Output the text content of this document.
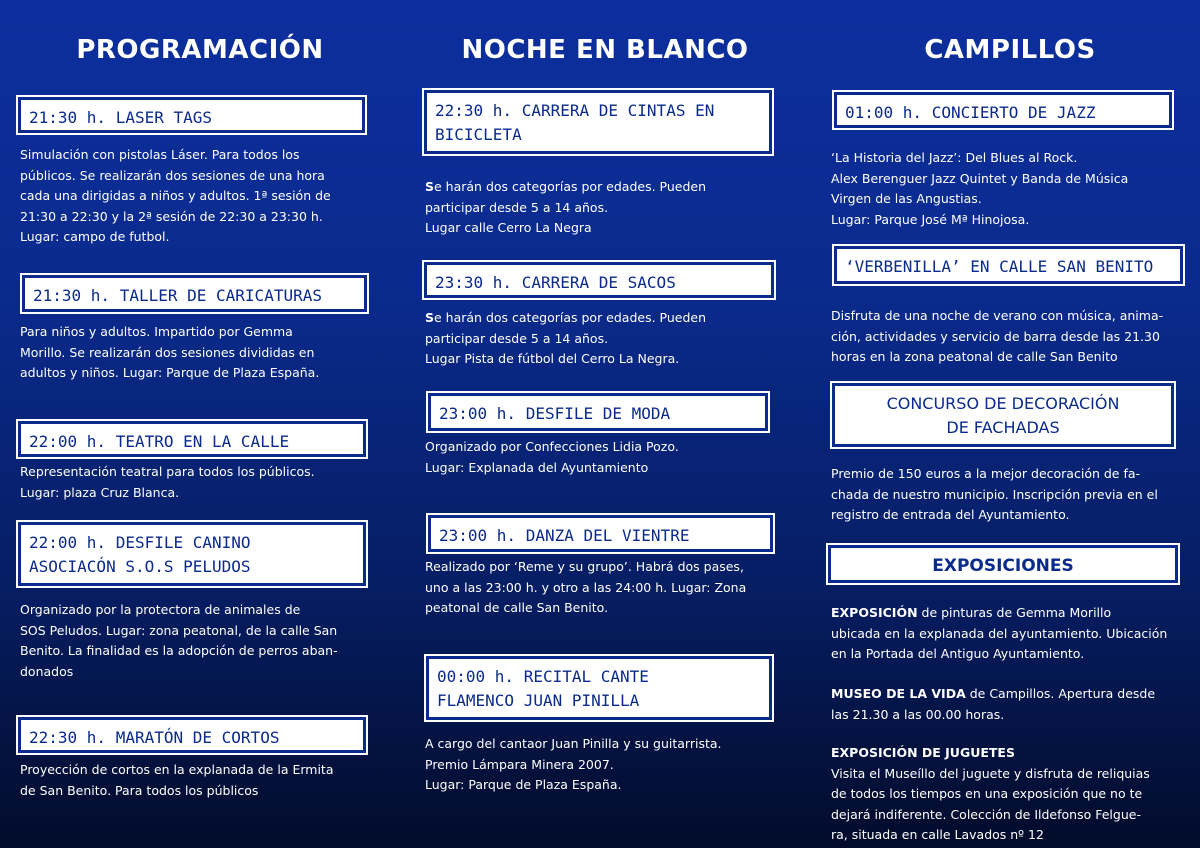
PROGRAMACIÓN	NOCHE EN BLANCO	CAMPILLOS
21:30 h. LASER TAGS
Simulación con pistolas Láser. Para todos los
públicos. Se realizarán dos sesiones de una hora
cada una dirigidas a niños y adultos. 1ª sesión de
21:30 a 22:30 y la 2ª sesión de 22:30 a 23:30 h.
Lugar: campo de futbol.
21:30 h. TALLER DE CARICATURAS
Para niños y adultos. Impartido por Gemma
Morillo. Se realizarán dos sesiones divididas en
adultos y niños. Lugar: Parque de Plaza España.
22:00 h. TEATRO EN LA CALLE
Representación teatral para todos los públicos.
Lugar: plaza Cruz Blanca.
22:00 h. DESFILE CANINO
ASOCIACÓN S.O.S PELUDOS
Organizado por la protectora de animales de
SOS Peludos. Lugar: zona peatonal, de la calle San
Benito. La finalidad es la adopción de perros aban-
donados
22:30 h. MARATÓN DE CORTOS
Proyección de cortos en la explanada de la Ermita
de San Benito. Para todos los públicos
22:30 h. CARRERA DE CINTAS EN
BICICLETA
Se harán dos categorías por edades. Pueden
participar desde 5 a 14 años.
Lugar calle Cerro La Negra
23:30 h. CARRERA DE SACOS
Se harán dos categorías por edades. Pueden
participar desde 5 a 14 años.
Lugar Pista de fútbol del Cerro La Negra.
23:00 h. DESFILE DE MODA
Organizado por Confecciones Lidia Pozo.
Lugar: Explanada del Ayuntamiento
23:00 h. DANZA DEL VIENTRE
Realizado por ‘Reme y su grupo’. Habrá dos pases,
uno a las 23:00 h. y otro a las 24:00 h. Lugar: Zona
peatonal de calle San Benito.
00:00 h. RECITAL CANTE
FLAMENCO JUAN PINILLA
A cargo del cantaor Juan Pinilla y su guitarrista.
Premio Lámpara Minera 2007.
Lugar: Parque de Plaza España.
01:00 h. CONCIERTO DE JAZZ
‘La Historia del Jazz’: Del Blues al Rock.
Alex Berenguer Jazz Quintet y Banda de Música
Virgen de las Angustias.
Lugar: Parque José Mª Hinojosa.
‘VERBENILLA’ EN CALLE SAN BENITO
Disfruta de una noche de verano con música, anima-
ción, actividades y servicio de barra desde las 21.30
horas en la zona peatonal de calle San Benito
CONCURSO DE DECORACIÓN
DE FACHADAS
Premio de 150 euros a la mejor decoración de fa-
chada de nuestro municipio. Inscripción previa en el
registro de entrada del Ayuntamiento.
EXPOSICIONES
EXPOSICIÓN de pinturas de Gemma Morillo
ubicada en la explanada del ayuntamiento. Ubicación
en la Portada del Antiguo Ayuntamiento.
MUSEO DE LA VIDA de Campillos. Apertura desde
las 21.30 a las 00.00 horas.
EXPOSICIÓN DE JUGUETES
Visita el Museíllo del juguete y disfruta de reliquias
de todos los tiempos en una exposición que no te
dejará indiferente. Colección de Ildefonso Felgue-
ra, situada en calle Lavados nº 12
